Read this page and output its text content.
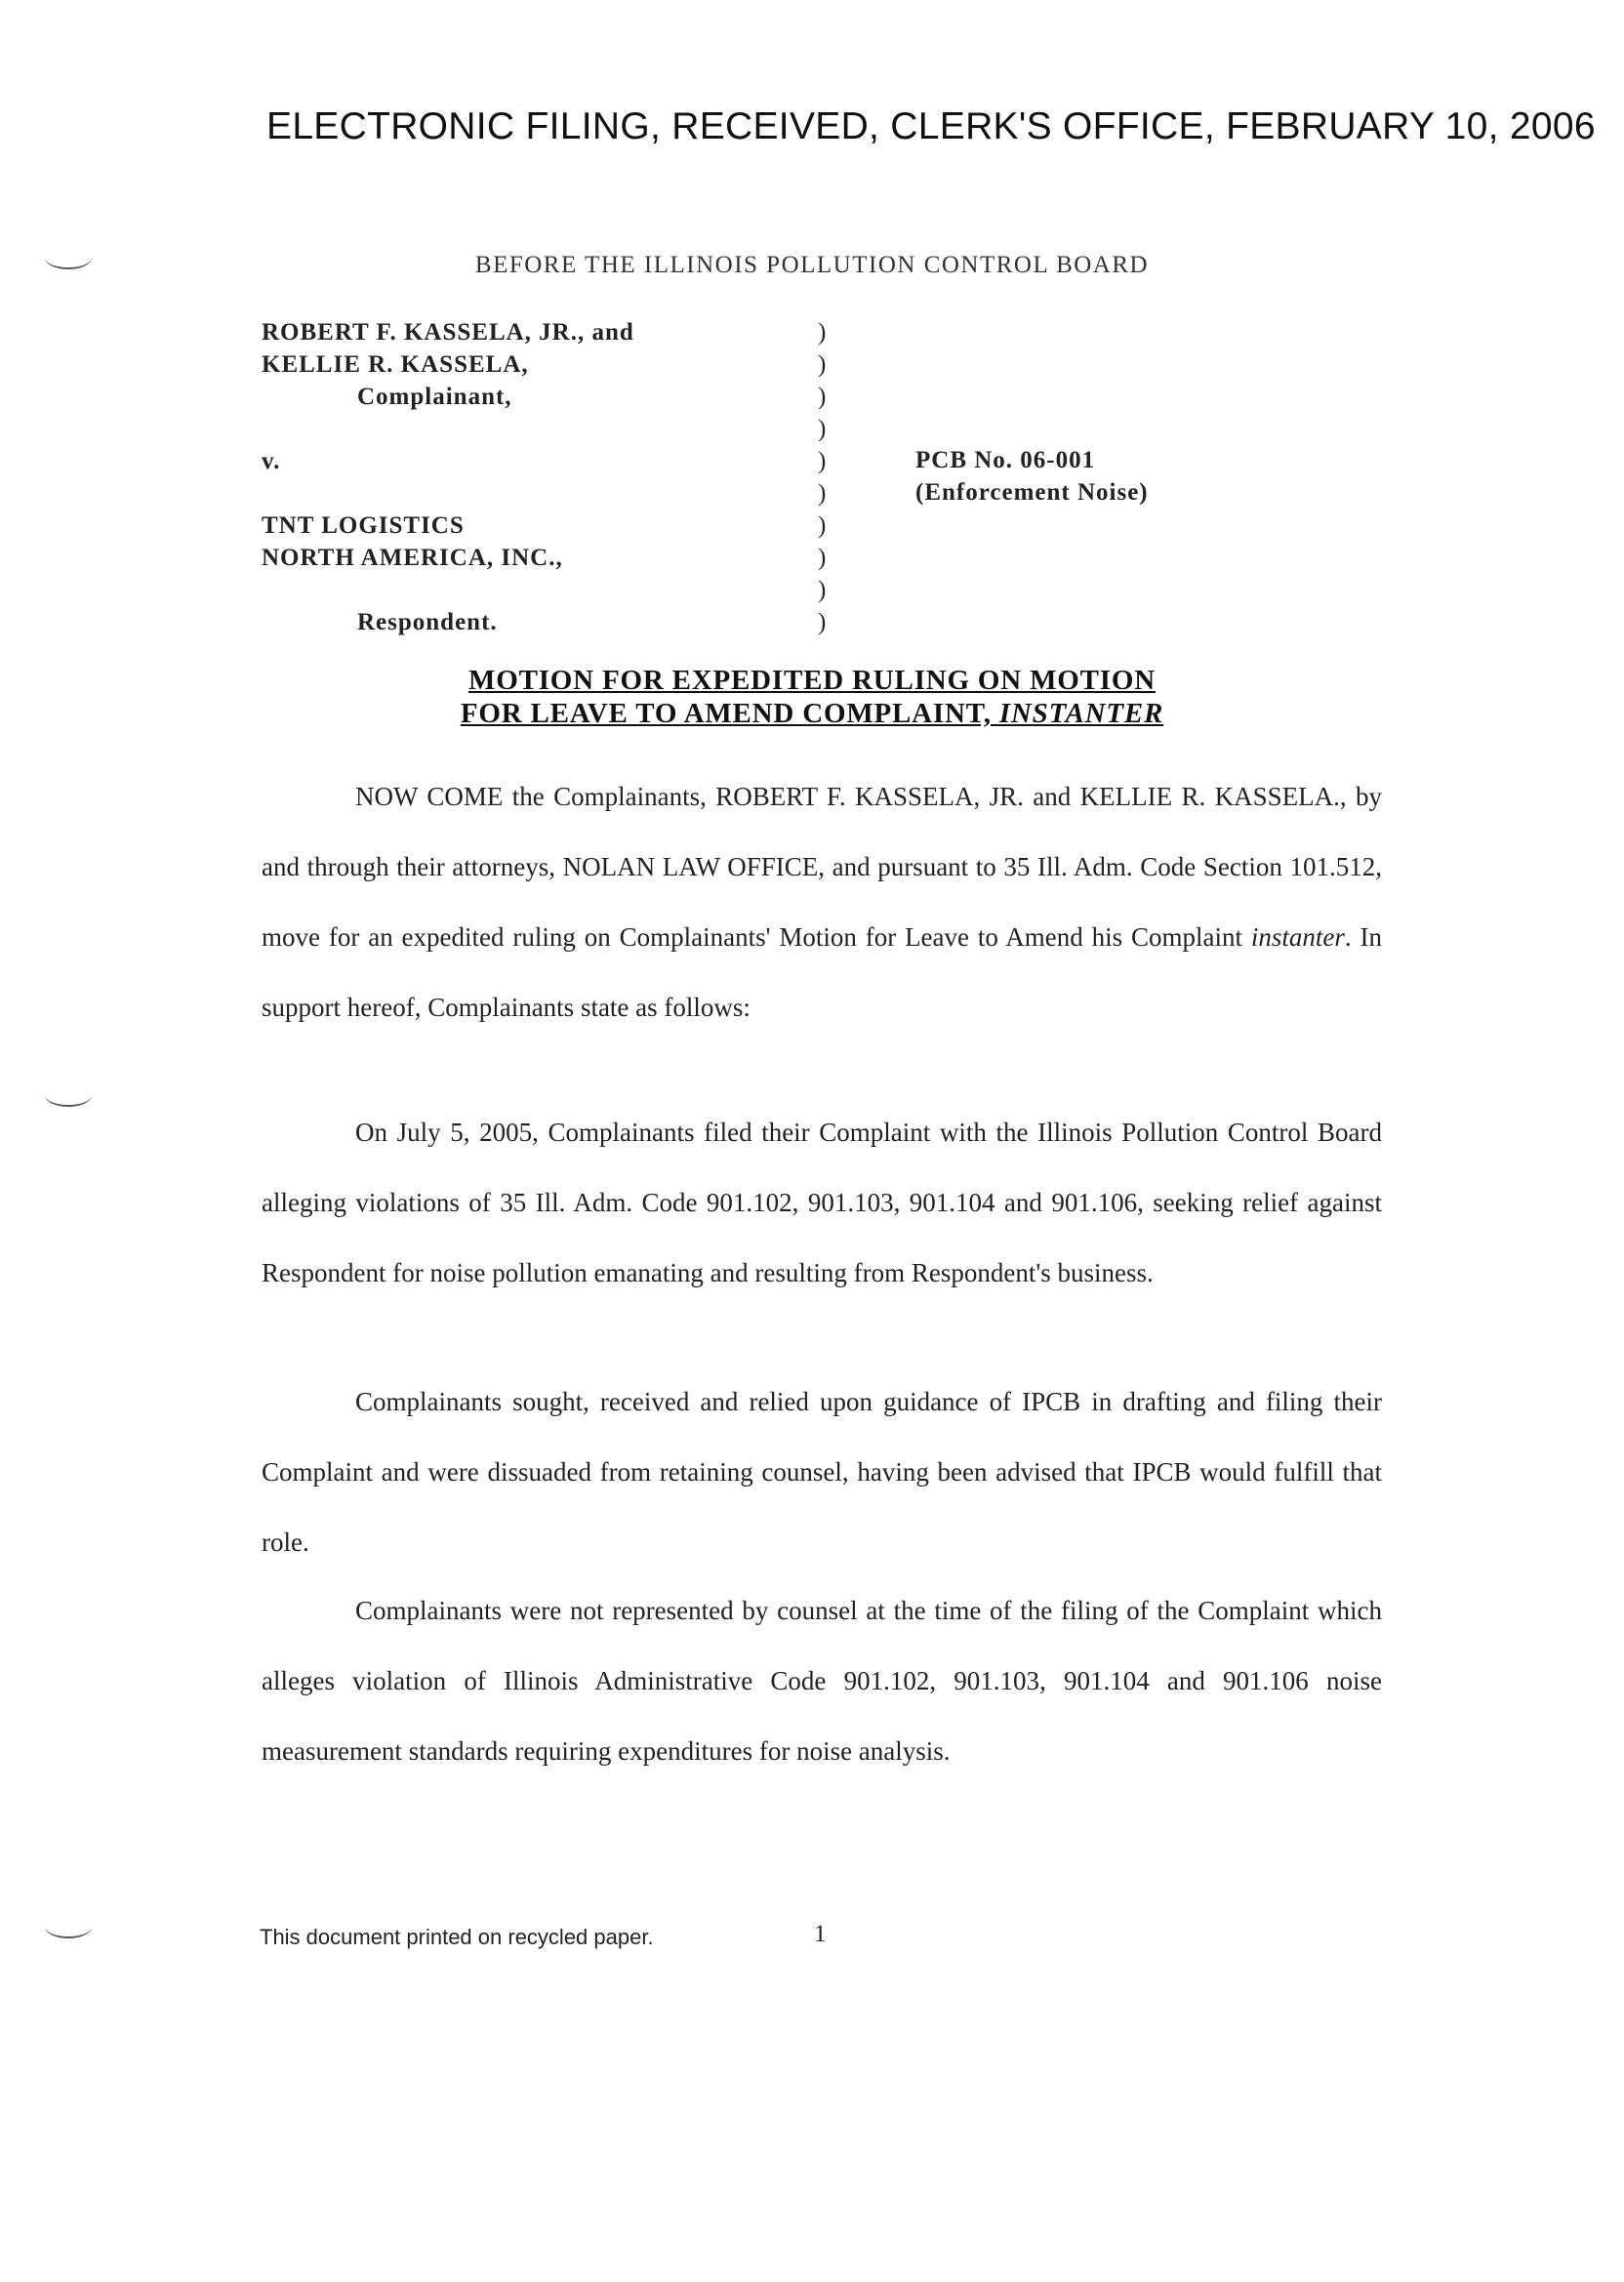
ELECTRONIC FILING, RECEIVED, CLERK'S OFFICE, FEBRUARY 10, 2006
BEFORE THE ILLINOIS POLLUTION CONTROL BOARD
ROBERT F. KASSELA, JR., and
KELLIE R. KASSELA,
Complainant,
v.
TNT LOGISTICS
NORTH AMERICA, INC.,
Respondent.
)
)
)
)
)
)
)
)
)
)
PCB No. 06-001
(Enforcement Noise)
MOTION FOR EXPEDITED RULING ON MOTION
FOR LEAVE TO AMEND COMPLAINT, INSTANTER

NOW COME the Complainants, ROBERT F. KASSELA, JR. and KELLIE R. KASSELA., by and through their attorneys, NOLAN LAW OFFICE, and pursuant to 35 Ill. Adm. Code Section 101.512, move for an expedited ruling on Complainants' Motion for Leave to Amend his Complaint instanter. In support hereof, Complainants state as follows:

On July 5, 2005, Complainants filed their Complaint with the Illinois Pollution Control Board alleging violations of 35 Ill. Adm. Code 901.102, 901.103, 901.104 and 901.106, seeking relief against Respondent for noise pollution emanating and resulting from Respondent's business.

Complainants sought, received and relied upon guidance of IPCB in drafting and filing their Complaint and were dissuaded from retaining counsel, having been advised that IPCB would fulfill that role.

Complainants were not represented by counsel at the time of the filing of the Complaint which alleges violation of Illinois Administrative Code 901.102, 901.103, 901.104 and 901.106 noise measurement standards requiring expenditures for noise analysis.

This document printed on recycled paper.	1
